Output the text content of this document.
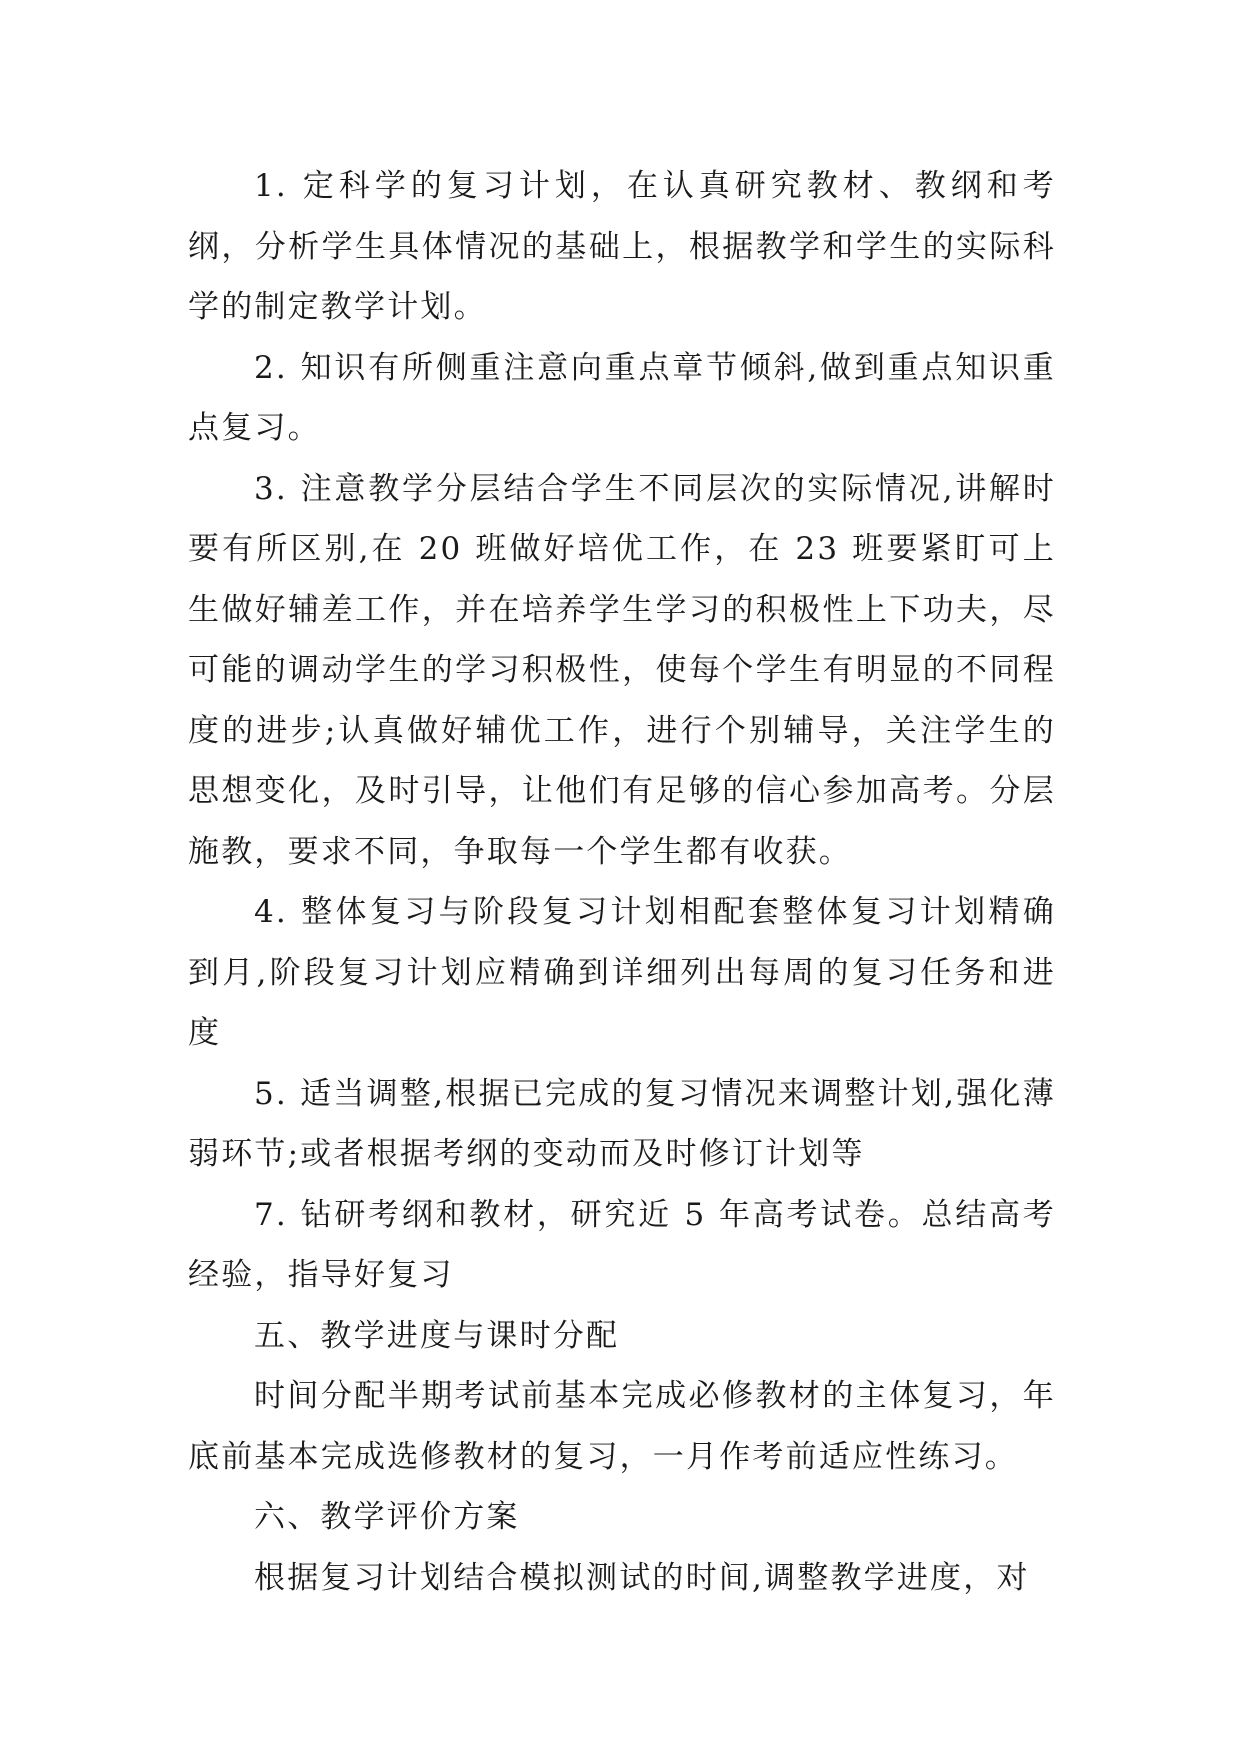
1. 定科学的复习计划，在认真研究教材、教纲和考纲，分析学生具体情况的基础上，根据教学和学生的实际科学的制定教学计划。

2. 知识有所侧重注意向重点章节倾斜,做到重点知识重点复习。

3. 注意教学分层结合学生不同层次的实际情况,讲解时要有所区别,在 20 班做好培优工作，在 23 班要紧盯可上生做好辅差工作，并在培养学生学习的积极性上下功夫，尽可能的调动学生的学习积极性，使每个学生有明显的不同程度的进步;认真做好辅优工作，进行个别辅导，关注学生的思想变化，及时引导，让他们有足够的信心参加高考。分层施教，要求不同，争取每一个学生都有收获。

4. 整体复习与阶段复习计划相配套整体复习计划精确到月,阶段复习计划应精确到详细列出每周的复习任务和进度

5. 适当调整,根据已完成的复习情况来调整计划,强化薄弱环节;或者根据考纲的变动而及时修订计划等

7. 钻研考纲和教材，研究近 5 年高考试卷。总结高考经验，指导好复习

五、教学进度与课时分配

时间分配半期考试前基本完成必修教材的主体复习，年底前基本完成选修教材的复习，一月作考前适应性练习。

六、教学评价方案

根据复习计划结合模拟测试的时间,调整教学进度，对
